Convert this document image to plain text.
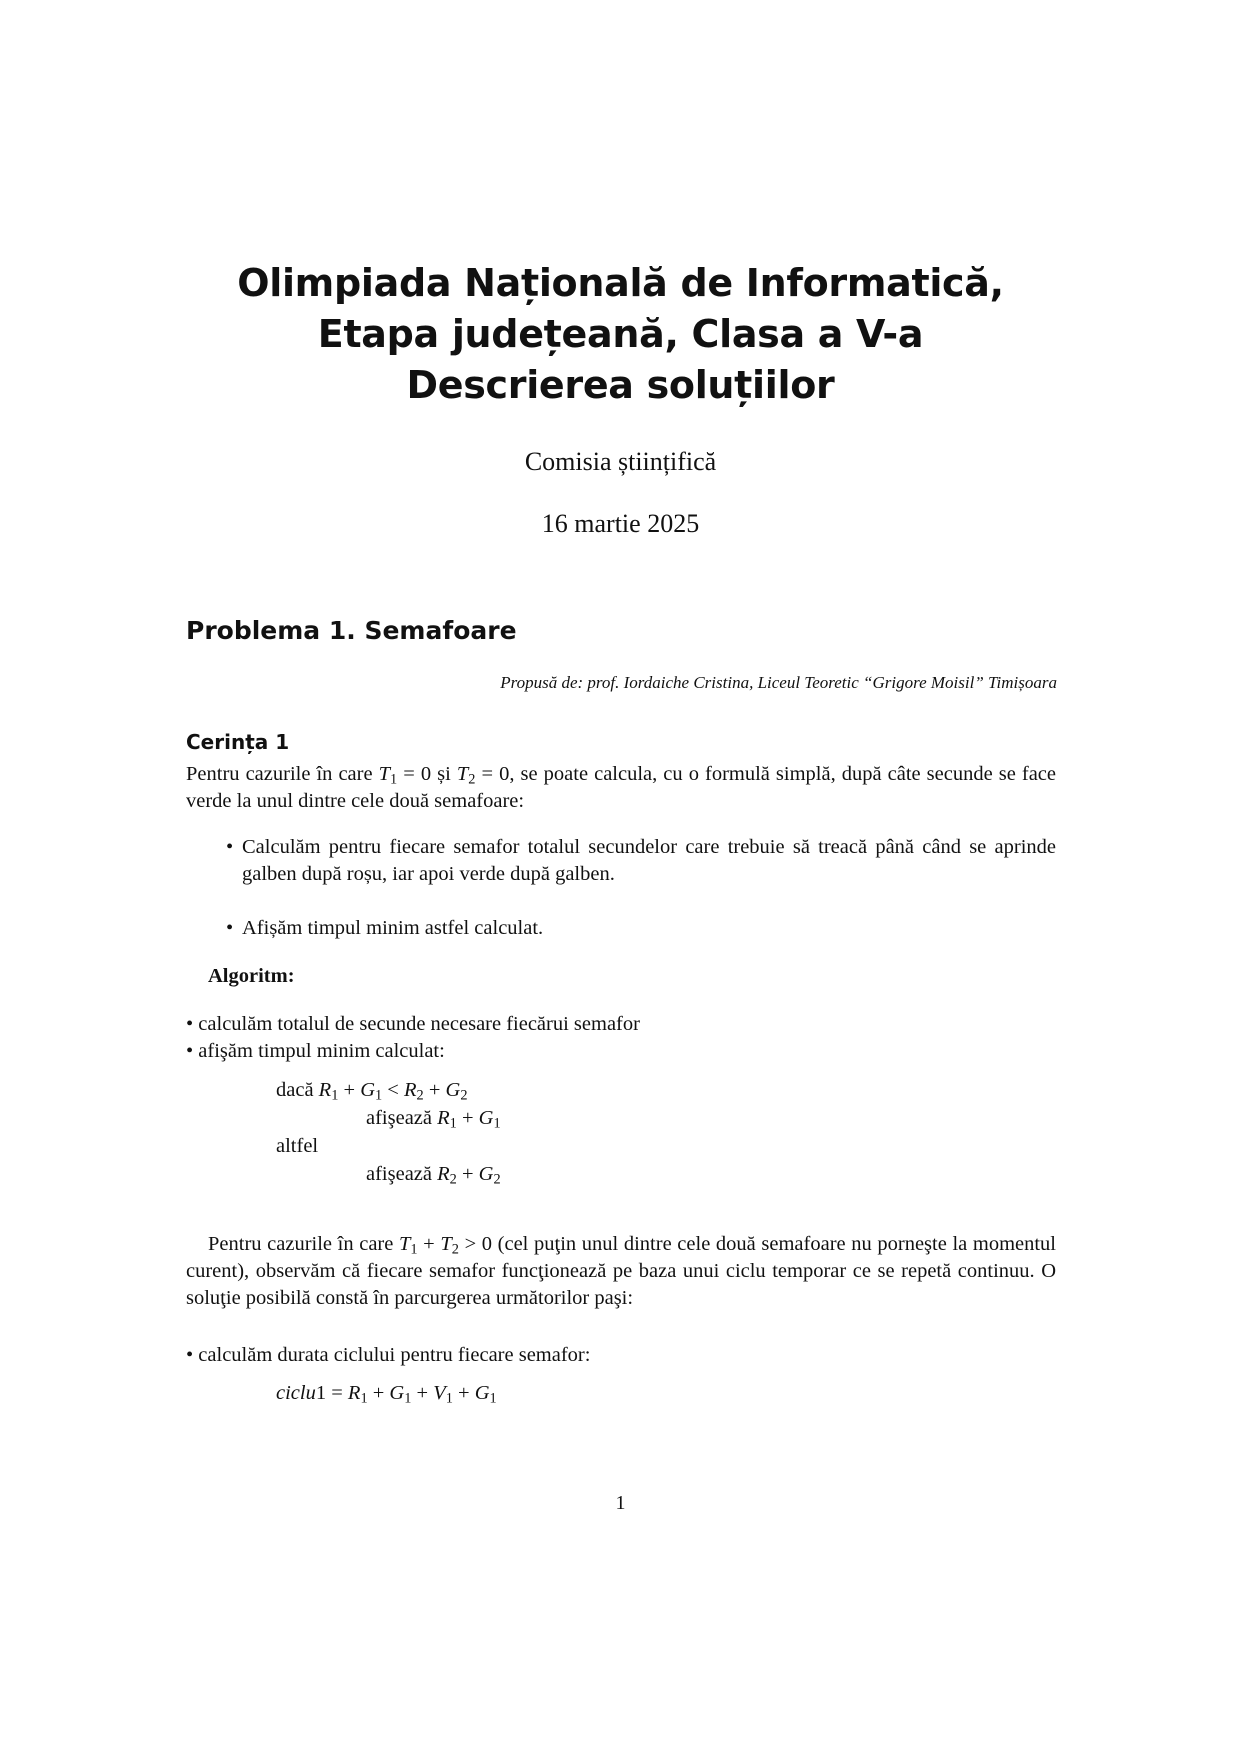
Olimpiada Națională de Informatică,
Etapa județeană, Clasa a V-a
Descrierea soluțiilor
Comisia științifică
16 martie 2025
Problema 1. Semafoare
Propusă de: prof. Iordaiche Cristina, Liceul Teoretic “Grigore Moisil” Timișoara
Cerința 1
Pentru cazurile în care $T_1 = 0$ și $T_2 = 0$, se poate calcula, cu o formulă simplă, după câte secunde se face verde la unul dintre cele două semafoare:
• Calculăm pentru fiecare semafor totalul secundelor care trebuie să treacă până când se aprinde galben după roșu, iar apoi verde după galben.
• Afișăm timpul minim astfel calculat.
Algoritm:
• calculăm totalul de secunde necesare fiecărui semafor
• afişăm timpul minim calculat:
dacă $R_1 + G_1 < R_2 + G_2$
afişează $R_1 + G_1$
altfel
afişează $R_2 + G_2$
Pentru cazurile în care $T_1 + T_2 > 0$ (cel puţin unul dintre cele două semafoare nu porneşte la momentul curent), observăm că fiecare semafor funcţionează pe baza unui ciclu temporar ce se repetă continuu. O soluţie posibilă constă în parcurgerea următorilor paşi:
• calculăm durata ciclului pentru fiecare semafor:
ciclu1 = $R_1 + G_1 + V_1 + G_1$
1
